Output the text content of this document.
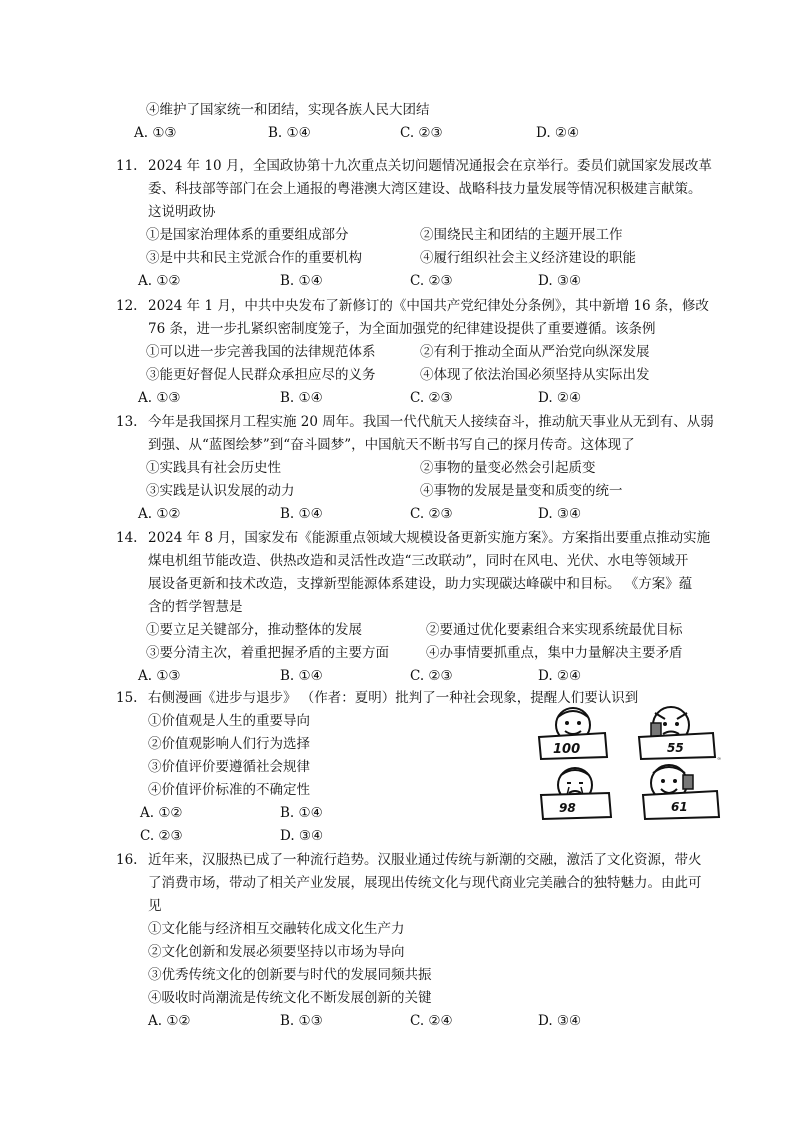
④维护了国家统一和团结，实现各族人民大团结
A. ①③	B. ①④	C. ②③	D. ②④
11. 2024 年 10 月，全国政协第十九次重点关切问题情况通报会在京举行。委员们就国家发展改革
委、科技部等部门在会上通报的粤港澳大湾区建设、战略科技力量发展等情况积极建言献策。
这说明政协
①是国家治理体系的重要组成部分	②围绕民主和团结的主题开展工作
③是中共和民主党派合作的重要机构	④履行组织社会主义经济建设的职能
A. ①②	B. ①④	C. ②③	D. ③④
12. 2024 年 1 月，中共中央发布了新修订的《中国共产党纪律处分条例》，其中新增 16 条，修改
76 条，进一步扎紧织密制度笼子，为全面加强党的纪律建设提供了重要遵循。该条例
①可以进一步完善我国的法律规范体系	②有利于推动全面从严治党向纵深发展
③能更好督促人民群众承担应尽的义务	④体现了依法治国必须坚持从实际出发
A. ①③	B. ①④	C. ②③	D. ②④
13. 今年是我国探月工程实施 20 周年。我国一代代航天人接续奋斗，推动航天事业从无到有、从弱
到强、从“蓝图绘梦”到“奋斗圆梦”，中国航天不断书写自己的探月传奇。这体现了
①实践具有社会历史性	②事物的量变必然会引起质变
③实践是认识发展的动力	④事物的发展是量变和质变的统一
A. ①②	B. ①④	C. ②③	D. ③④
14. 2024 年 8 月，国家发布《能源重点领域大规模设备更新实施方案》。方案指出要重点推动实施
煤电机组节能改造、供热改造和灵活性改造“三改联动”，同时在风电、光伏、水电等领域开
展设备更新和技术改造，支撑新型能源体系建设，助力实现碳达峰碳中和目标。 《方案》蕴
含的哲学智慧是
①要立足关键部分，推动整体的发展	②要通过优化要素组合来实现系统最优目标
③要分清主次，着重把握矛盾的主要方面	④办事情要抓重点，集中力量解决主要矛盾
A. ①③	B. ①④	C. ②③	D. ②④
15. 右侧漫画《进步与退步》 （作者：夏明）批判了一种社会现象，提醒人们要认识到
①价值观是人生的重要导向
②价值观影响人们行为选择
③价值评价要遵循社会规律
④价值评价标准的不确定性
A. ①②	B. ①④
C. ②③	D. ③④
100	55
∞
98	61
16. 近年来，汉服热已成了一种流行趋势。汉服业通过传统与新潮的交融，激活了文化资源，带火
了消费市场，带动了相关产业发展，展现出传统文化与现代商业完美融合的独特魅力。由此可
见
①文化能与经济相互交融转化成文化生产力
②文化创新和发展必须要坚持以市场为导向
③优秀传统文化的创新要与时代的发展同频共振
④吸收时尚潮流是传统文化不断发展创新的关键
A. ①②	B. ①③	C. ②④	D. ③④
